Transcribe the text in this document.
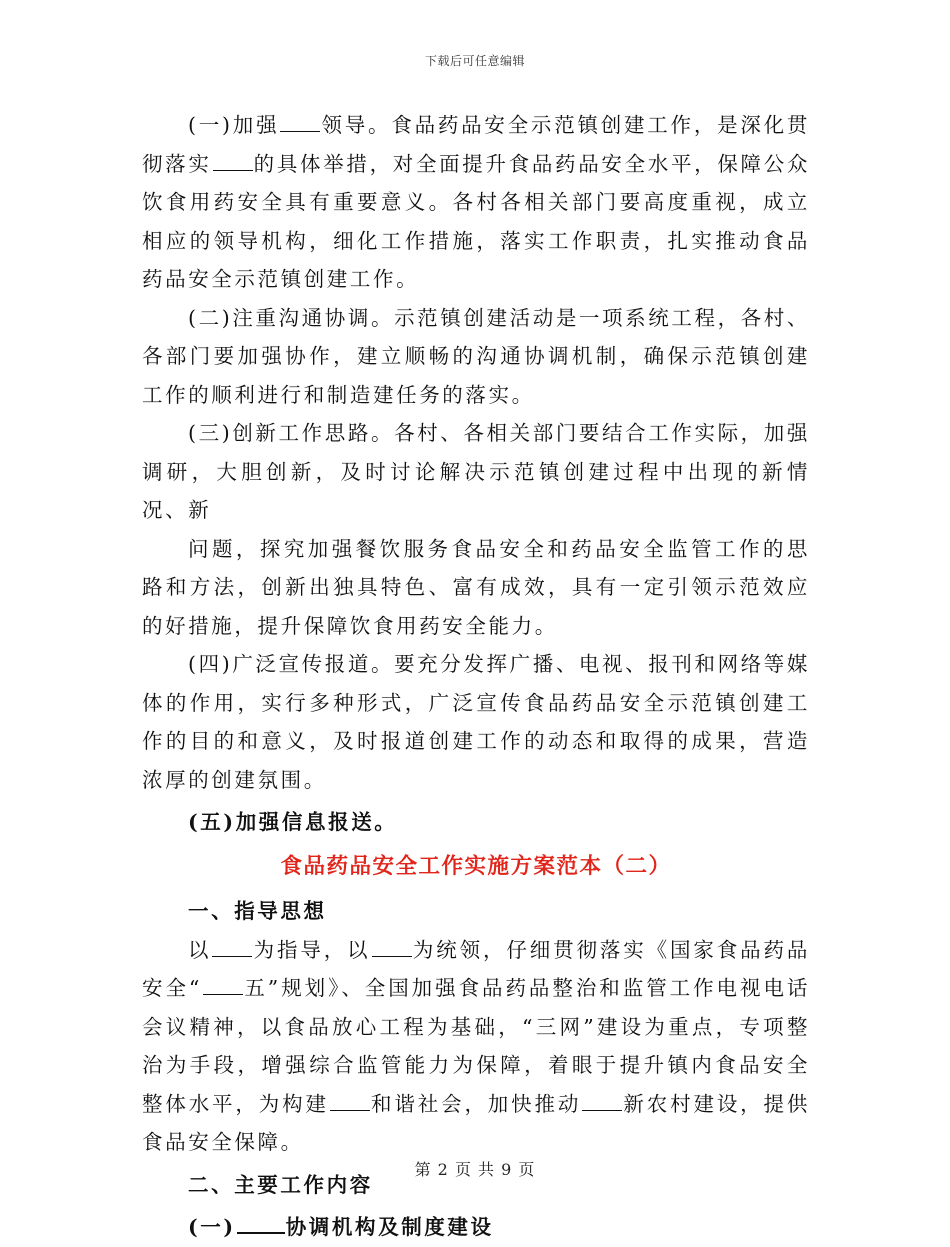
下载后可任意编辑

(一)加强 领导。食品药品安全示范镇创建工作，是深化贯彻落实 的具体举措，对全面提升食品药品安全水平，保障公众饮食用药安全具有重要意义。各村各相关部门要高度重视，成立相应的领导机构，细化工作措施，落实工作职责，扎实推动食品药品安全示范镇创建工作。

(二)注重沟通协调。示范镇创建活动是一项系统工程，各村、各部门要加强协作，建立顺畅的沟通协调机制，确保示范镇创建工作的顺利进行和制造建任务的落实。

(三)创新工作思路。各村、各相关部门要结合工作实际，加强调研，大胆创新，及时讨论解决示范镇创建过程中出现的新情况、新

问题，探究加强餐饮服务食品安全和药品安全监管工作的思路和方法，创新出独具特色、富有成效，具有一定引领示范效应的好措施，提升保障饮食用药安全能力。

(四)广泛宣传报道。要充分发挥广播、电视、报刊和网络等媒体的作用，实行多种形式，广泛宣传食品药品安全示范镇创建工作的目的和意义，及时报道创建工作的动态和取得的成果，营造浓厚的创建氛围。

(五)加强信息报送。

食品药品安全工作实施方案范本（二）

一、指导思想

以 为指导，以 为统领，仔细贯彻落实《国家食品药品安全“ 五”规划》、全国加强食品药品整治和监管工作电视电话会议精神，以食品放心工程为基础，“三网”建设为重点，专项整治为手段，增强综合监管能力为保障，着眼于提升镇内食品安全整体水平，为构建 和谐社会，加快推动 新农村建设，提供食品安全保障。

二、主要工作内容

(一) 协调机构及制度建设

第 2 页 共 9 页
